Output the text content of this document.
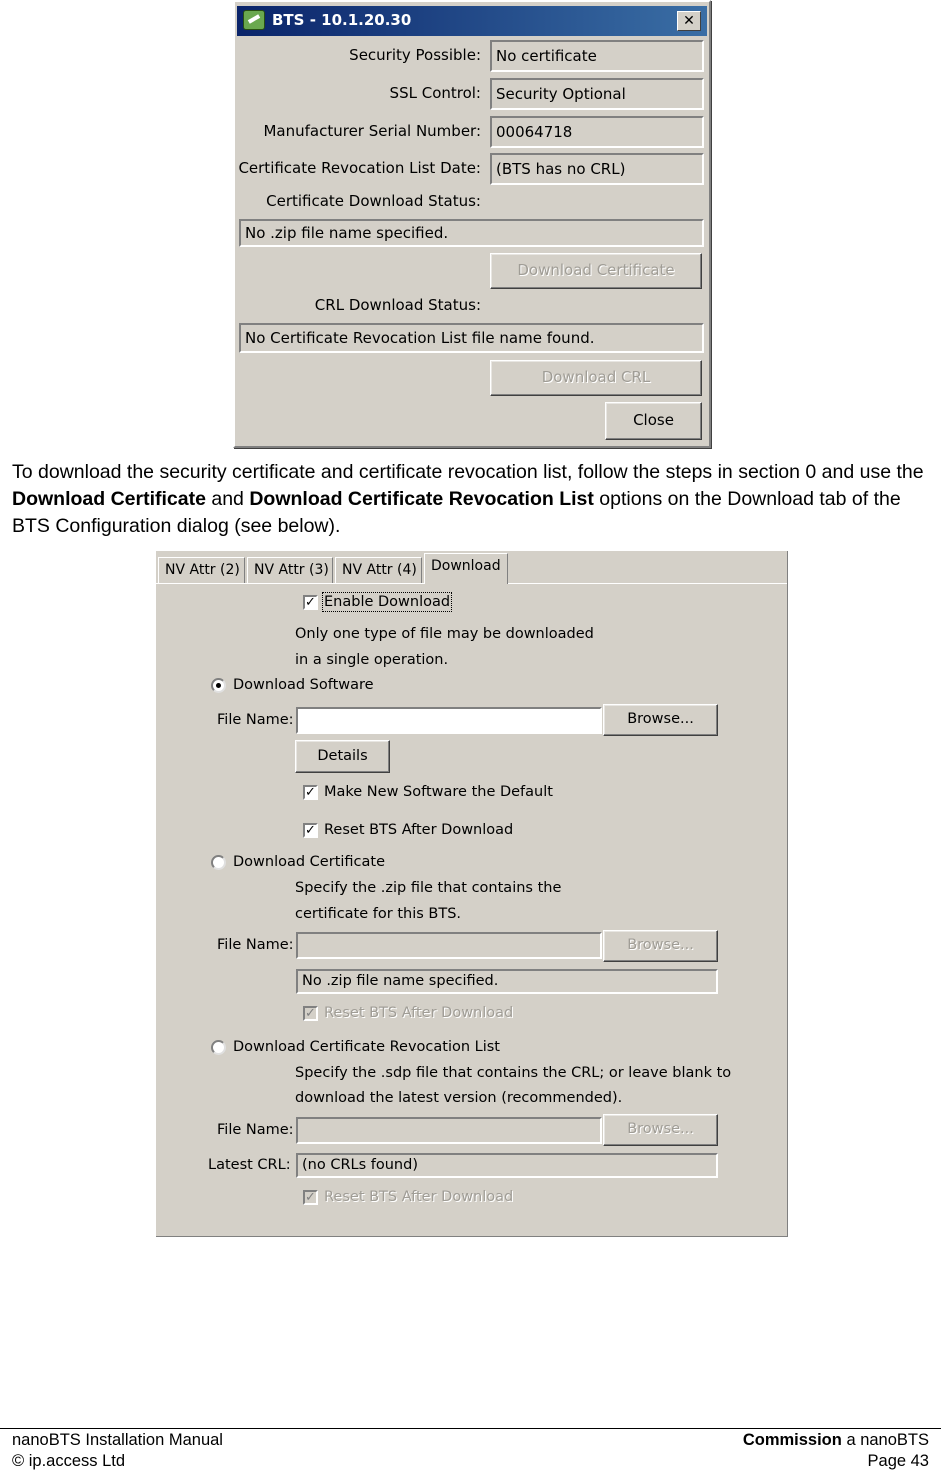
BTS - 10.1.20.30	✕
Security Possible:	No certificate
SSL Control:	Security Optional
Manufacturer Serial Number:	00064718
Certificate Revocation List Date:	(BTS has no CRL)
Certificate Download Status:
No .zip file name specified.
Download Certificate
CRL Download Status:
No Certificate Revocation List file name found.
Download CRL
Close
To download the security certificate and certificate revocation list, follow the steps in section 0 and use the Download Certificate and Download Certificate Revocation List options on the Download tab of the BTS Configuration dialog (see below).
NV Attr (2)	NV Attr (3) NV Attr (4)	Download
✓ Enable Download
Only one type of file may be downloaded
in a single operation.
Download Software
File Name:	Browse...
Details
✓ Make New Software the Default
✓ Reset BTS After Download
Download Certificate
Specify the .zip file that contains the
certificate for this BTS.
File Name:	Browse...
No .zip file name specified.
✓ Reset BTS After Download
Download Certificate Revocation List
Specify the .sdp file that contains the CRL; or leave blank to
download the latest version (recommended).
File Name:	Browse...
Latest CRL: (no CRLs found)
✓ Reset BTS After Download
nanoBTS Installation Manual
© ip.access Ltd
Commission a nanoBTS
Page 43
